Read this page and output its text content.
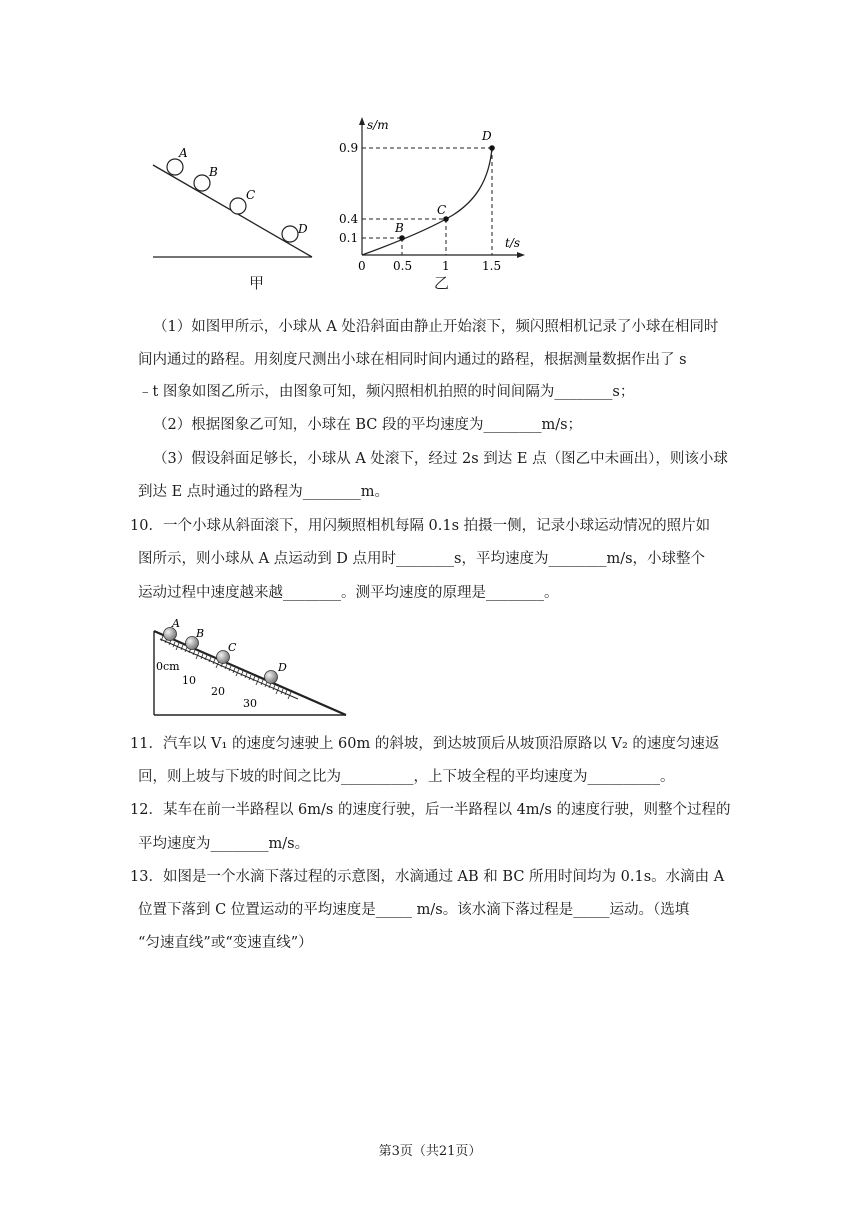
A
B
C
D
甲
s/m
t/s
B
C
D
0.9
0.4
0.1
0 0.5 1	1.5
乙
（1）如图甲所示，小球从 A 处沿斜面由静止开始滚下，频闪照相机记录了小球在相同时
间内通过的路程。用刻度尺测出小球在相同时间内通过的路程，根据测量数据作出了 s
﹣t 图象如图乙所示，由图象可知，频闪照相机拍照的时间间隔为________s；
（2）根据图象乙可知，小球在 BC 段的平均速度为________m/s；
（3）假设斜面足够长，小球从 A 处滚下，经过 2s 到达 E 点（图乙中未画出），则该小球
到达 E 点时通过的路程为________m。
10．一个小球从斜面滚下，用闪频照相机每隔 0.1s 拍摄一侧，记录小球运动情况的照片如
图所示，则小球从 A 点运动到 D 点用时________s，平均速度为________m/s，小球整个
运动过程中速度越来越________。测平均速度的原理是________。
A
B
C
D
0cm
10
20
30
11．汽车以 V₁ 的速度匀速驶上 60m 的斜坡，到达坡顶后从坡顶沿原路以 V₂ 的速度匀速返
回，则上坡与下坡的时间之比为__________，上下坡全程的平均速度为__________。
12．某车在前一半路程以 6m/s 的速度行驶，后一半路程以 4m/s 的速度行驶，则整个过程的
平均速度为________m/s。
13．如图是一个水滴下落过程的示意图，水滴通过 AB 和 BC 所用时间均为 0.1s。水滴由 A
位置下落到 C 位置运动的平均速度是_____ m/s。该水滴下落过程是_____运动。（选填
“匀速直线”或“变速直线”）
第3页（共21页）
